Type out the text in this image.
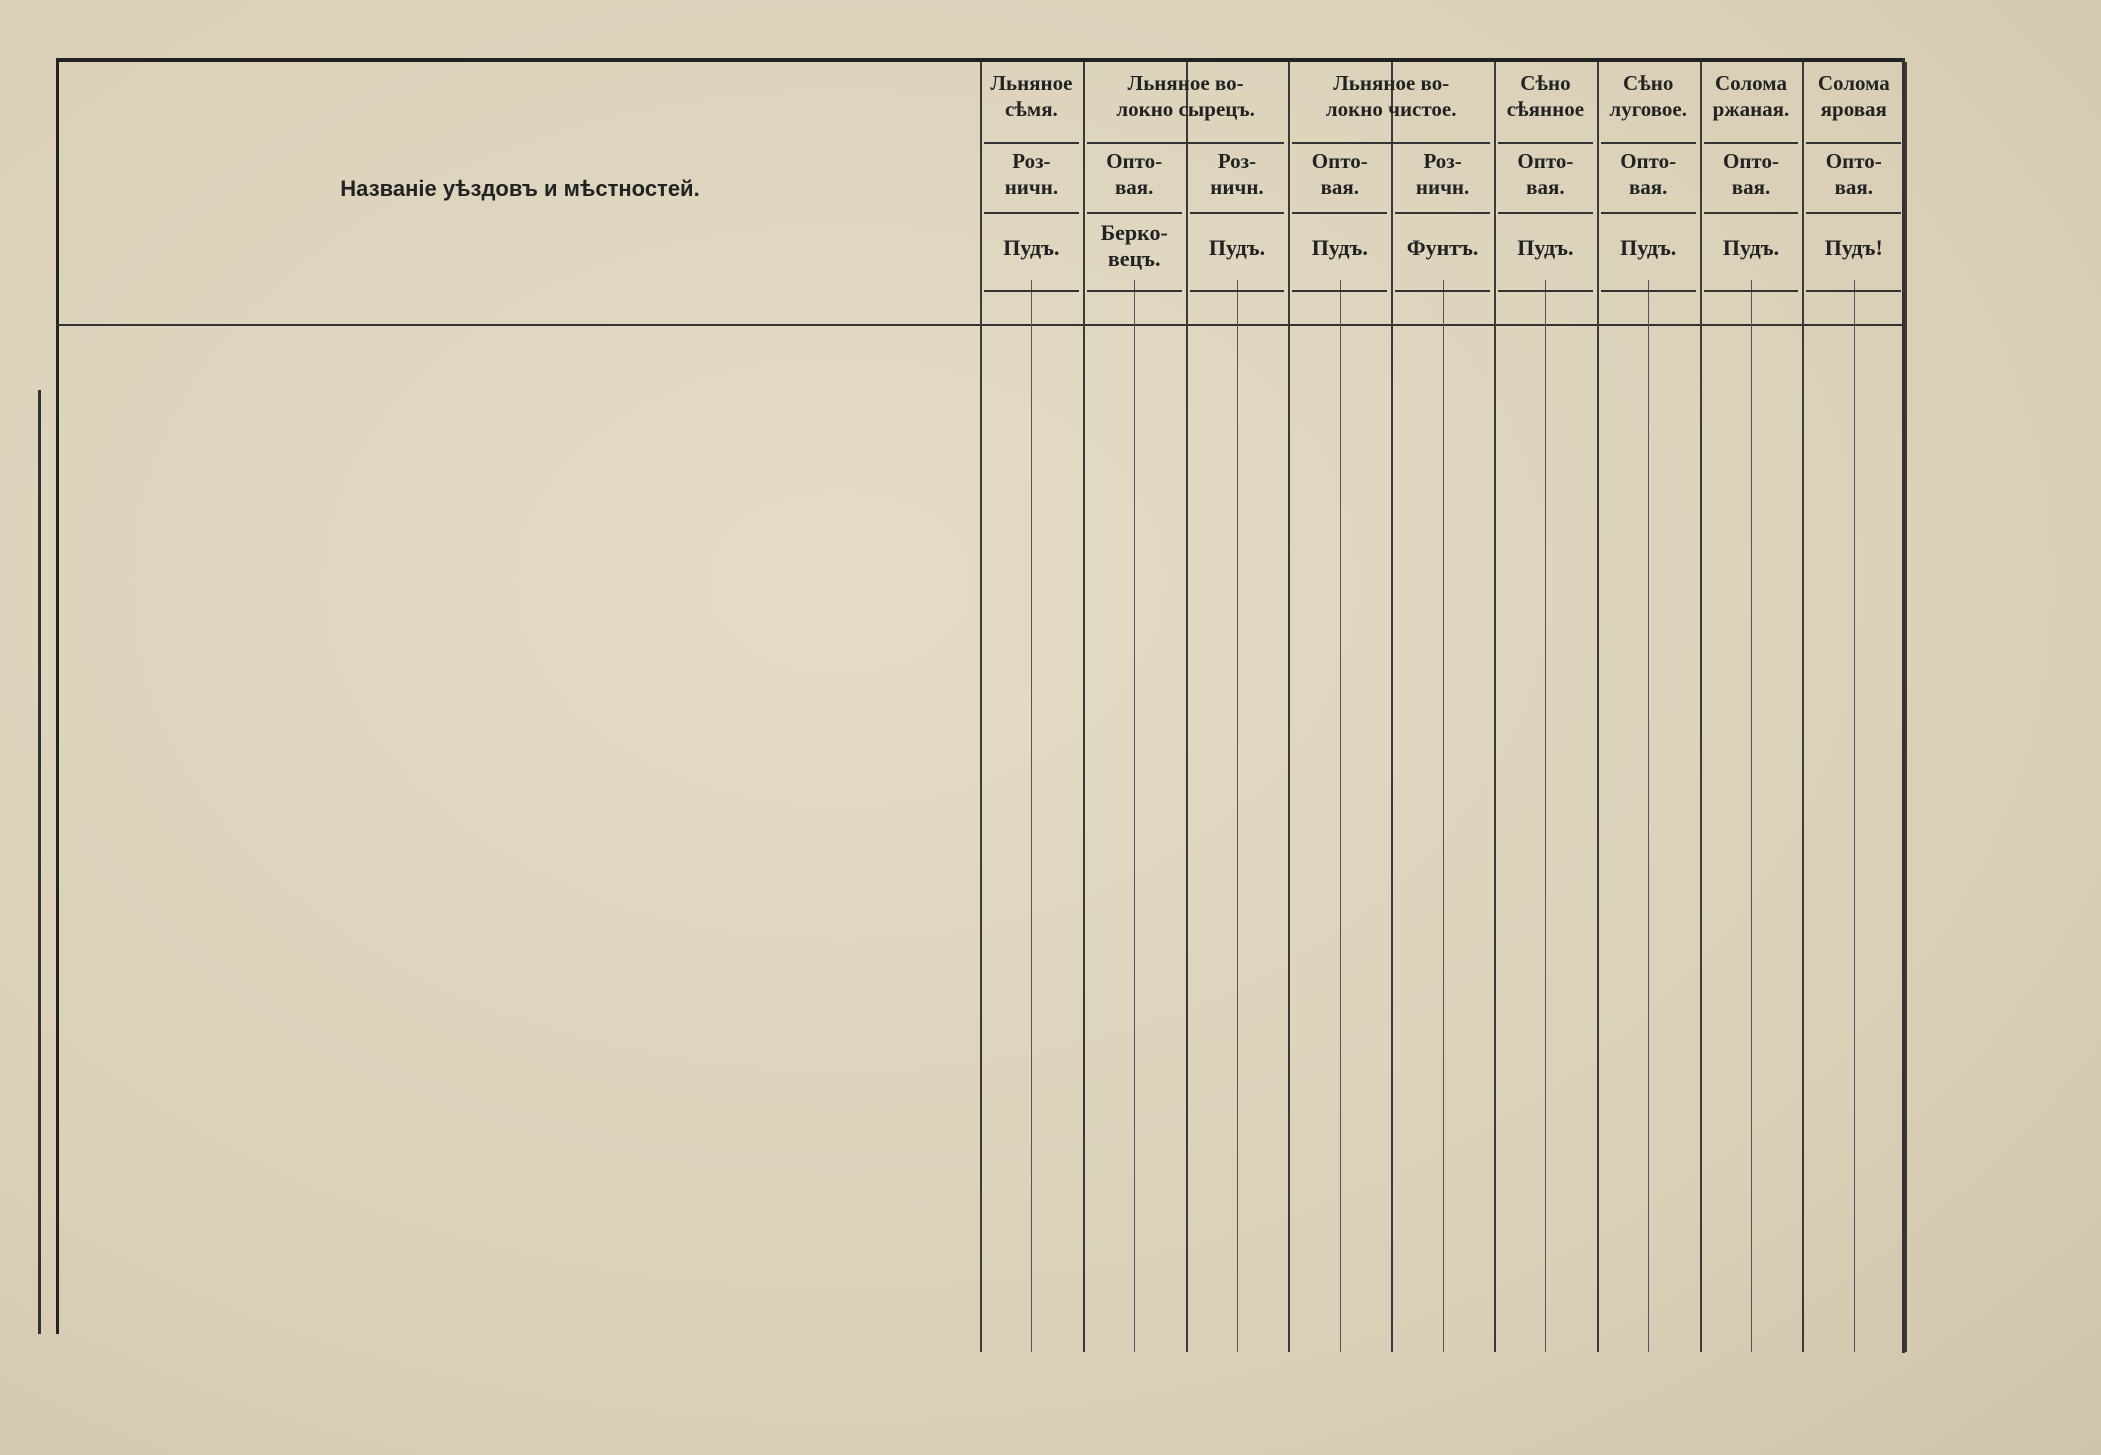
Названіе уѣздовъ и мѣстностей.
Льняное
сѣмя.
Роз-
ничн.
Пудъ.
Льняное во-
локно сырецъ.
Опто-
вая.
Берко-
вецъ.
Роз-
ничн.
Пудъ.
Льняное во-
локно чистое.
Опто-
вая.
Пудъ.
Роз-
ничн.
Фунтъ.
Сѣно
сѣянное
Опто-
вая.
Пудъ.
Сѣно
луговое.
Опто-
вая.
Пудъ.
Солома
ржаная.
Опто-
вая.
Пудъ.
Солома
яровая
Опто-
вая.
Пудъ!
